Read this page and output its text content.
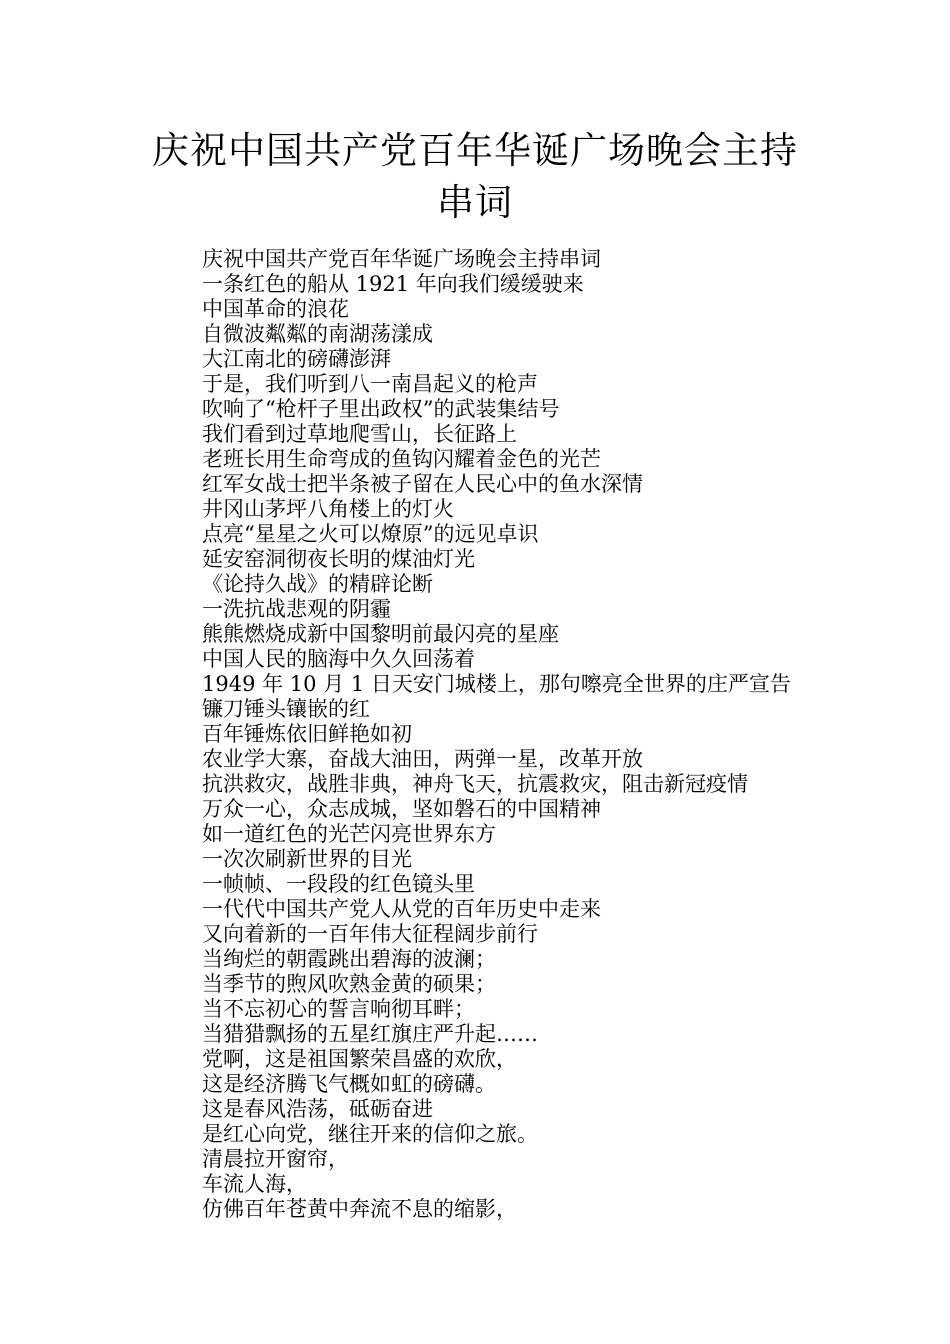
庆祝中国共产党百年华诞广场晚会主持串词
庆祝中国共产党百年华诞广场晚会主持串词
一条红色的船从 1921 年向我们缓缓驶来
中国革命的浪花
自微波粼粼的南湖荡漾成
大江南北的磅礴澎湃
于是，我们听到八一南昌起义的枪声
吹响了“枪杆子里出政权”的武装集结号
我们看到过草地爬雪山，长征路上
老班长用生命弯成的鱼钩闪耀着金色的光芒
红军女战士把半条被子留在人民心中的鱼水深情
井冈山茅坪八角楼上的灯火
点亮“星星之火可以燎原”的远见卓识
延安窑洞彻夜长明的煤油灯光
《论持久战》的精辟论断
一洗抗战悲观的阴霾
熊熊燃烧成新中国黎明前最闪亮的星座
中国人民的脑海中久久回荡着
1949 年 10 月 1 日天安门城楼上，那句嚓亮全世界的庄严宣告
镰刀锤头镶嵌的红
百年锤炼依旧鲜艳如初
农业学大寨，奋战大油田，两弹一星，改革开放
抗洪救灾，战胜非典，神舟飞天，抗震救灾，阻击新冠疫情
万众一心，众志成城，坚如磐石的中国精神
如一道红色的光芒闪亮世界东方
一次次刷新世界的目光
一帧帧、一段段的红色镜头里
一代代中国共产党人从党的百年历史中走来
又向着新的一百年伟大征程阔步前行
当绚烂的朝霞跳出碧海的波澜；
当季节的煦风吹熟金黄的硕果；
当不忘初心的誓言响彻耳畔；
当猎猎飘扬的五星红旗庄严升起……
党啊，这是祖国繁荣昌盛的欢欣，
这是经济腾飞气概如虹的磅礴。
这是春风浩荡，砥砺奋进
是红心向党，继往开来的信仰之旅。
清晨拉开窗帘，
车流人海，
仿佛百年苍黄中奔流不息的缩影，
